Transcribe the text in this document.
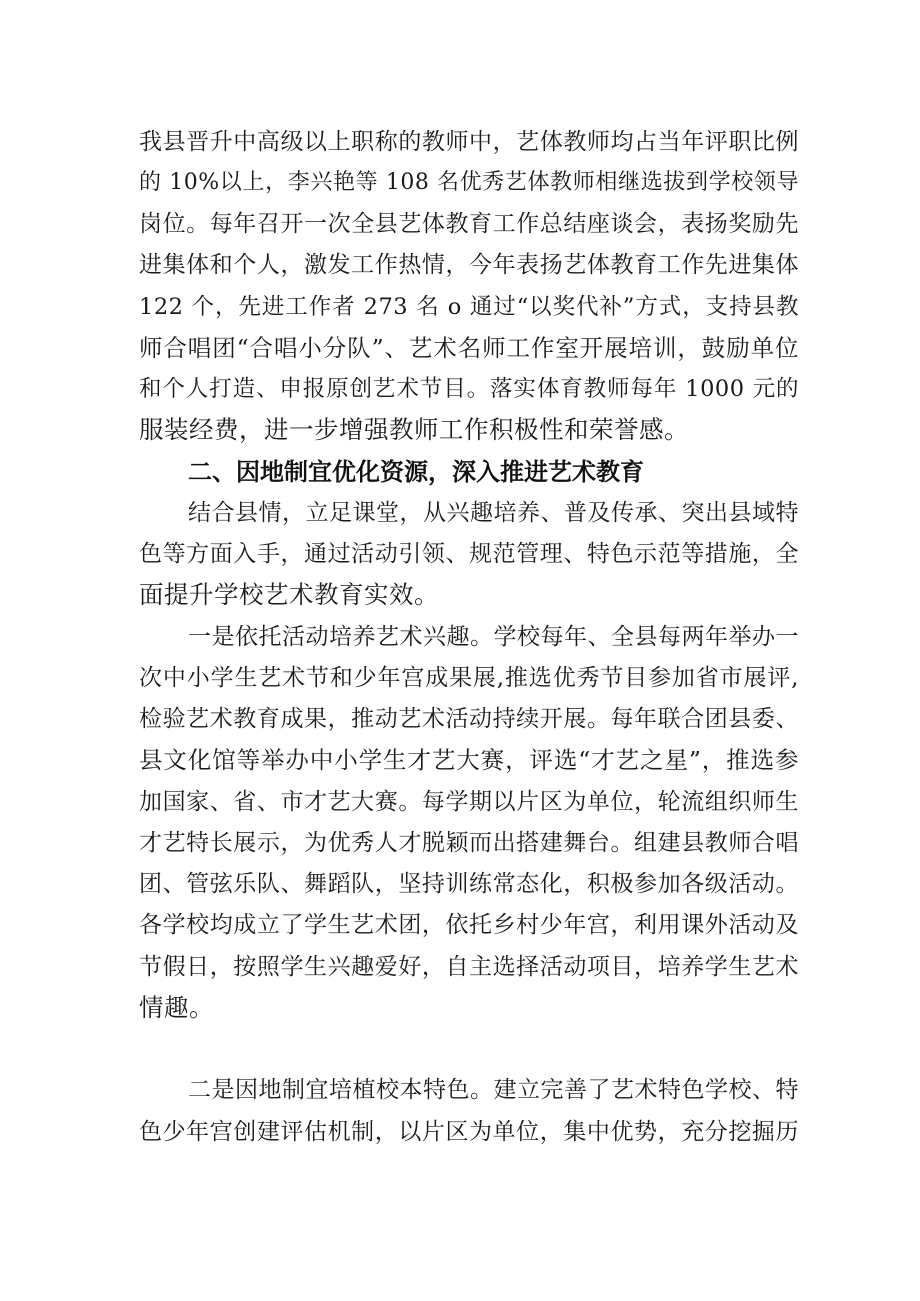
我县晋升中高级以上职称的教师中，艺体教师均占当年评职比例
的 10%以上，李兴艳等 108 名优秀艺体教师相继选拔到学校领导
岗位。每年召开一次全县艺体教育工作总结座谈会，表扬奖励先
进集体和个人，激发工作热情，今年表扬艺体教育工作先进集体
122 个，先进工作者 273 名 o 通过“以奖代补”方式，支持县教
师合唱团“合唱小分队”、艺术名师工作室开展培训，鼓励单位
和个人打造、申报原创艺术节目。落实体育教师每年 1000 元的
服装经费，进一步增强教师工作积极性和荣誉感。
二、因地制宜优化资源，深入推进艺术教育
结合县情，立足课堂，从兴趣培养、普及传承、突出县域特
色等方面入手，通过活动引领、规范管理、特色示范等措施，全
面提升学校艺术教育实效。
一是依托活动培养艺术兴趣。学校每年、全县每两年举办一
次中小学生艺术节和少年宫成果展,推选优秀节目参加省市展评,
检验艺术教育成果，推动艺术活动持续开展。每年联合团县委、
县文化馆等举办中小学生才艺大赛，评选“才艺之星”，推选参
加国家、省、市才艺大赛。每学期以片区为单位，轮流组织师生
才艺特长展示，为优秀人才脱颖而出搭建舞台。组建县教师合唱
团、管弦乐队、舞蹈队，坚持训练常态化，积极参加各级活动。
各学校均成立了学生艺术团，依托乡村少年宫，利用课外活动及
节假日，按照学生兴趣爱好，自主选择活动项目，培养学生艺术
情趣。
二是因地制宜培植校本特色。建立完善了艺术特色学校、特
色少年宫创建评估机制，以片区为单位，集中优势，充分挖掘历
